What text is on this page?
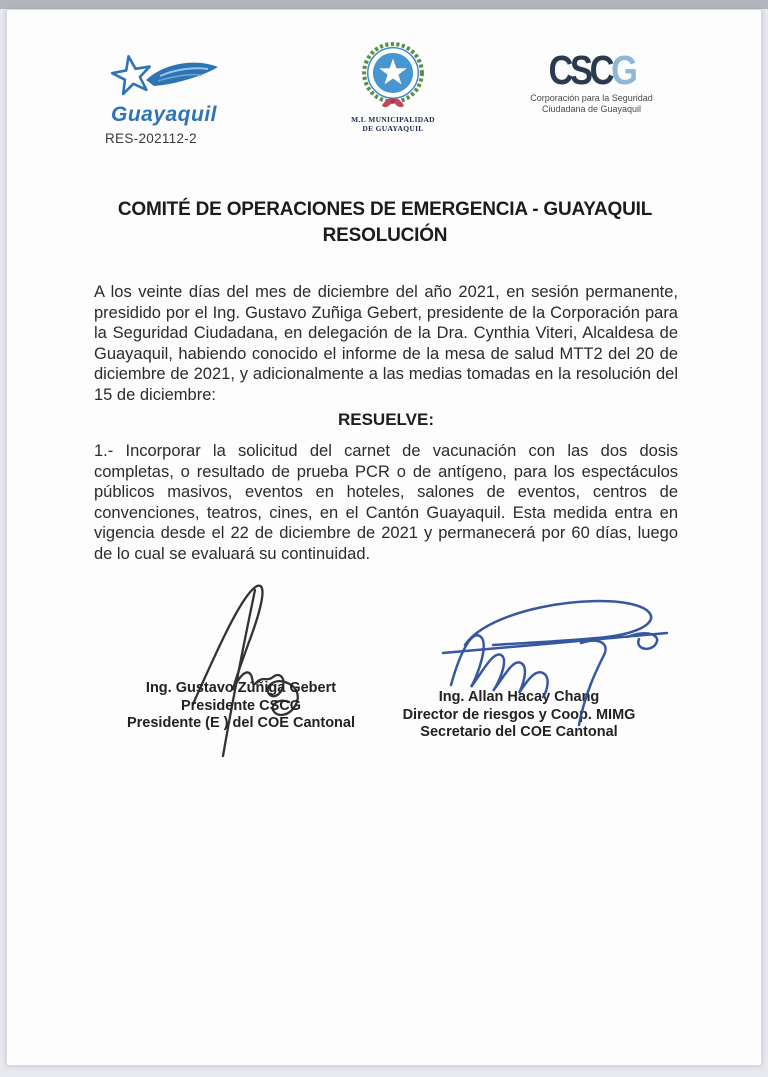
Guayaquil	M.I. MUNICIPALIDAD
DE GUAYAQUIL
CSCG
Corporación para la Seguridad
Ciudadana de Guayaquil
RES-202112-2
COMITÉ DE OPERACIONES DE EMERGENCIA - GUAYAQUIL
RESOLUCIÓN
A los veinte días del mes de diciembre del año 2021, en sesión permanente, presidido por el Ing. Gustavo Zuñiga Gebert, presidente de la Corporación para la Seguridad Ciudadana, en delegación de la Dra. Cynthia Viteri, Alcaldesa de Guayaquil, habiendo conocido el informe de la mesa de salud MTT2 del 20 de diciembre de 2021, y adicionalmente a las medias tomadas en la resolución del 15 de diciembre:
RESUELVE:
1.- Incorporar la solicitud del carnet de vacunación con las dos dosis completas, o resultado de prueba PCR o de antígeno, para los espectáculos públicos masivos, eventos en hoteles, salones de eventos, centros de convenciones, teatros, cines, en el Cantón Guayaquil. Esta medida entra en vigencia desde el 22 de diciembre de 2021 y permanecerá por 60 días, luego de lo cual se evaluará su continuidad.
Ing. Gustavo Zúñiga Gebert
Presidente CSCG
Presidente (E ) del COE Cantonal
Ing. Allan Hacay Chang
Director de riesgos y Coop. MIMG
Secretario del COE Cantonal
